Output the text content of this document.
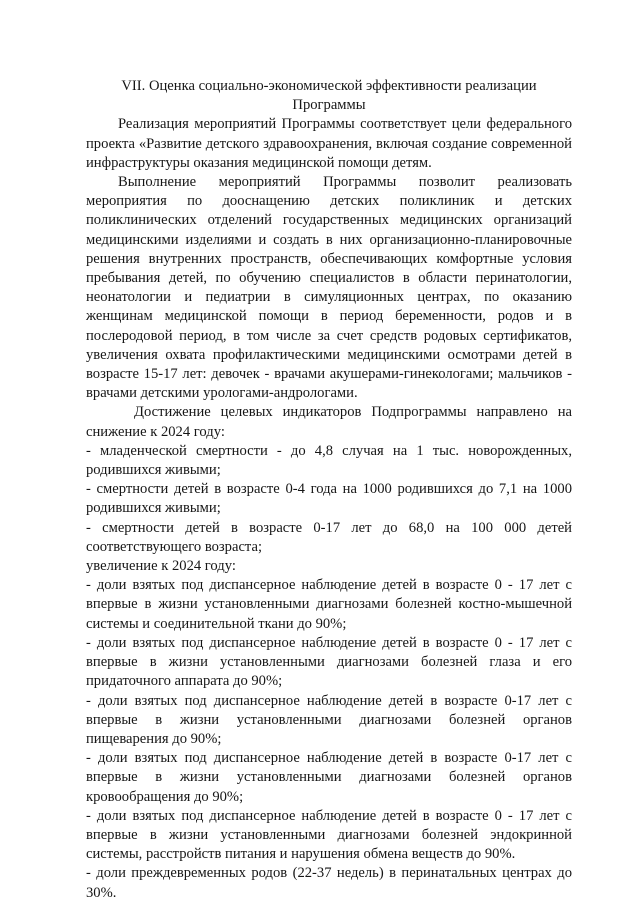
VII. Оценка социально-экономической эффективности реализации Программы

Реализация мероприятий Программы соответствует цели федерального проекта «Развитие детского здравоохранения, включая создание современной инфраструктуры оказания медицинской помощи детям.

Выполнение мероприятий Программы позволит реализовать мероприятия по дооснащению детских поликлиник и детских поликлинических отделений государственных медицинских организаций медицинскими изделиями и создать в них организационно-планировочные решения внутренних пространств, обеспечивающих комфортные условия пребывания детей, по обучению специалистов в области перинатологии, неонатологии и педиатрии в симуляционных центрах, по оказанию женщинам медицинской помощи в период беременности, родов и в послеродовой период, в том числе за счет средств родовых сертификатов, увеличения охвата профилактическими медицинскими осмотрами детей в возрасте 15-17 лет: девочек - врачами акушерами-гинекологами; мальчиков - врачами детскими урологами-андрологами.

Достижение целевых индикаторов Подпрограммы направлено на снижение к 2024 году:

- младенческой смертности - до 4,8 случая на 1 тыс. новорожденных, родившихся живыми;
- смертности детей в возрасте 0-4 года на 1000 родившихся до 7,1 на 1000 родившихся живыми;
- смертности детей в возрасте 0-17 лет до 68,0 на 100 000 детей соответствующего возраста;

увеличение к 2024 году:

- доли взятых под диспансерное наблюдение детей в возрасте 0 - 17 лет с впервые в жизни установленными диагнозами болезней костно-мышечной системы и соединительной ткани до 90%;
- доли взятых под диспансерное наблюдение детей в возрасте 0 - 17 лет с впервые в жизни установленными диагнозами болезней глаза и его придаточного аппарата до 90%;
- доли взятых под диспансерное наблюдение детей в возрасте 0-17 лет с впервые в жизни установленными диагнозами болезней органов пищеварения до 90%;
- доли взятых под диспансерное наблюдение детей в возрасте 0-17 лет с впервые в жизни установленными диагнозами болезней органов кровообращения до 90%;
- доли взятых под диспансерное наблюдение детей в возрасте 0 - 17 лет с впервые в жизни установленными диагнозами болезней эндокринной системы, расстройств питания и нарушения обмена веществ до 90%.
- доли преждевременных родов (22-37 недель) в перинатальных центрах до 30%.
